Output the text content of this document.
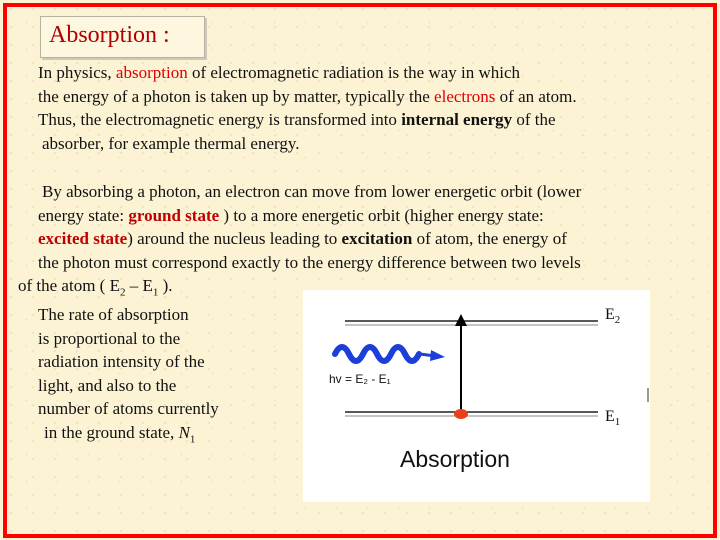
Absorption :
In physics, absorption of electromagnetic radiation is the way in which
the energy of a photon is taken up by matter, typically the electrons of an atom.
Thus, the electromagnetic energy is transformed into internal energy of the
absorber, for example thermal energy.
By absorbing a photon, an electron can move from lower energetic orbit (lower
energy state: ground state ) to a more energetic orbit (higher energy state:
excited state) around the nucleus leading to excitation of atom, the energy of
the photon must correspond exactly to the energy difference between two levels
of the atom ( $E_2 - E_1$ ).
The rate of absorption
is proportional to the
radiation intensity of the
light, and also to the
number of atoms currently
in the ground state, $N_1$
hv = E₂ - E₁
$E_2$
$E_1$
Absorption
